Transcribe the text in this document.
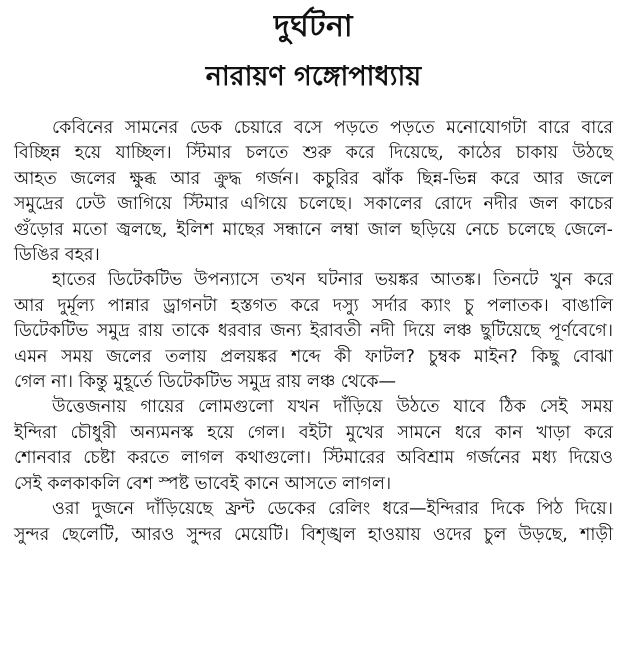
দুর্ঘটনা
নারায়ণ গঙ্গোপাধ্যায়

কেবিনের সামনের ডেক চেয়ারে বসে পড়তে পড়তে মনোযোগটা বারে বারে

বিচ্ছিন্ন হয়ে যাচ্ছিল। স্টিমার চলতে শুরু করে দিয়েছে, কাঠের চাকায় উঠছে

আহত জলের ক্ষুব্ধ আর ক্রুদ্ধ গর্জন। কচুরির ঝাঁক ছিন্ন-ভিন্ন করে আর জলে

সমুদ্রের ঢেউ জাগিয়ে স্টিমার এগিয়ে চলেছে। সকালের রোদে নদীর জল কাচের

গুঁড়োর মতো জ্বলছে, ইলিশ মাছের সন্ধানে লম্বা জাল ছড়িয়ে নেচে চলেছে জেলে-

ডিঙির বহর।

হাতের ডিটেকটিভ উপন্যাসে তখন ঘটনার ভয়ঙ্কর আতঙ্ক। তিনটে খুন করে

আর দুর্মূল্য পান্নার ড্রাগনটা হস্তগত করে দস্যু সর্দার ক্যাং চু পলাতক। বাঙালি

ডিটেকটিভ সমুদ্র রায় তাকে ধরবার জন্য ইরাবতী নদী দিয়ে লঞ্চ ছুটিয়েছে পূর্ণবেগে।

এমন সময় জলের তলায় প্রলয়ঙ্কর শব্দে কী ফাটল? চুম্বক মাইন? কিছু বোঝা

গেল না। কিন্তু মুহূর্তে ডিটেকটিভ সমুদ্র রায় লঞ্চ থেকে—

উত্তেজনায় গায়ের লোমগুলো যখন দাঁড়িয়ে উঠতে যাবে ঠিক সেই সময়

ইন্দিরা চৌধুরী অন্যমনস্ক হয়ে গেল। বইটা মুখের সামনে ধরে কান খাড়া করে

শোনবার চেষ্টা করতে লাগল কথাগুলো। স্টিমারের অবিশ্রাম গর্জনের মধ্য দিয়েও

সেই কলকাকলি বেশ স্পষ্ট ভাবেই কানে আসতে লাগল।

ওরা দুজনে দাঁড়িয়েছে ফ্রন্ট ডেকের রেলিং ধরে—ইন্দিরার দিকে পিঠ দিয়ে।

সুন্দর ছেলেটি, আরও সুন্দর মেয়েটি। বিশৃঙ্খল হাওয়ায় ওদের চুল উড়ছে, শাড়ী
